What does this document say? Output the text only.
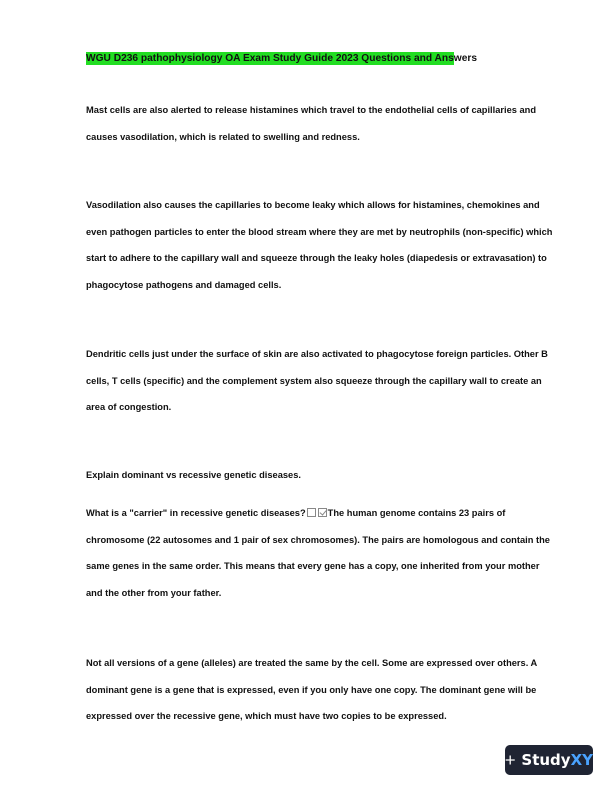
WGU D236 pathophysiology OA Exam Study Guide 2023 Questions and Answers

Mast cells are also alerted to release histamines which travel to the endothelial cells of capillaries and causes vasodilation, which is related to swelling and redness.

Vasodilation also causes the capillaries to become leaky which allows for histamines, chemokines and even pathogen particles to enter the blood stream where they are met by neutrophils (non-specific) which start to adhere to the capillary wall and squeeze through the leaky holes (diapedesis or extravasation) to phagocytose pathogens and damaged cells.

Dendritic cells just under the surface of skin are also activated to phagocytose foreign particles. Other B cells, T cells (specific) and the complement system also squeeze through the capillary wall to create an area of congestion.

Explain dominant vs recessive genetic diseases.

What is a "carrier" in recessive genetic diseases? The human genome contains 23 pairs of chromosome (22 autosomes and 1 pair of sex chromosomes). The pairs are homologous and contain the same genes in the same order. This means that every gene has a copy, one inherited from your mother and the other from your father.

Not all versions of a gene (alleles) are treated the same by the cell. Some are expressed over others. A dominant gene is a gene that is expressed, even if you only have one copy. The dominant gene will be expressed over the recessive gene, which must have two copies to be expressed.

StudyXY
